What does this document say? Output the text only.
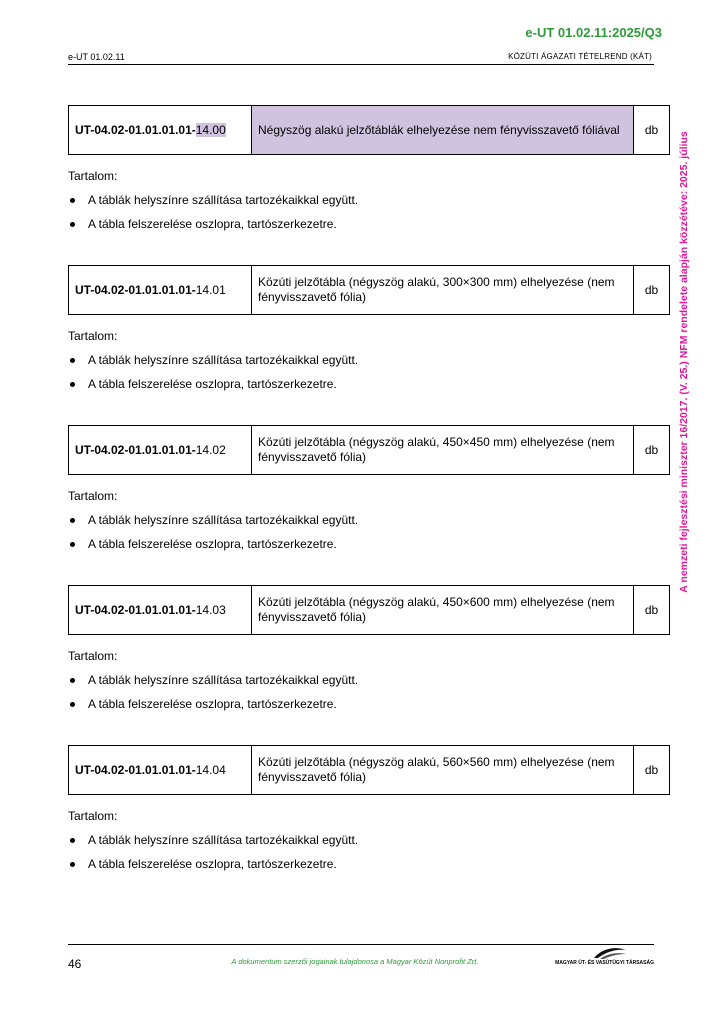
e-UT 01.02.11:2025/Q3
e-UT 01.02.11	KÖZÚTI ÁGAZATI TÉTELREND (KÁT)
A nemzeti fejlesztési miniszter 16/2017. (V. 25.) NFM rendelete alapján közzétéve: 2025. július
UT-04.02-01.01.01.01-14.00	Négyszög alakú jelzőtáblák elhelyezése nem fényvisszavető fóliával	db
Tartalom:
A táblák helyszínre szállítása tartozékaikkal együtt.
A tábla felszerelése oszlopra, tartószerkezetre.
UT-04.02-01.01.01.01-14.01	Közúti jelzőtábla (négyszög alakú, 300×300 mm) elhelyezése (nem fényvisszavető fólia)	db
Tartalom:
A táblák helyszínre szállítása tartozékaikkal együtt.
A tábla felszerelése oszlopra, tartószerkezetre.
UT-04.02-01.01.01.01-14.02	Közúti jelzőtábla (négyszög alakú, 450×450 mm) elhelyezése (nem fényvisszavető fólia)	db
Tartalom:
A táblák helyszínre szállítása tartozékaikkal együtt.
A tábla felszerelése oszlopra, tartószerkezetre.
UT-04.02-01.01.01.01-14.03	Közúti jelzőtábla (négyszög alakú, 450×600 mm) elhelyezése (nem fényvisszavető fólia)	db
Tartalom:
A táblák helyszínre szállítása tartozékaikkal együtt.
A tábla felszerelése oszlopra, tartószerkezetre.
UT-04.02-01.01.01.01-14.04	Közúti jelzőtábla (négyszög alakú, 560×560 mm) elhelyezése (nem fényvisszavető fólia)	db
Tartalom:
A táblák helyszínre szállítása tartozékaikkal együtt.
A tábla felszerelése oszlopra, tartószerkezetre.
46	A dokumentum szerzői jogainak tulajdonosa a Magyar Közút Nonprofit Zrt.	MAGYAR ÚT- ÉS VASÚTÜGYI TÁRSASÁG
